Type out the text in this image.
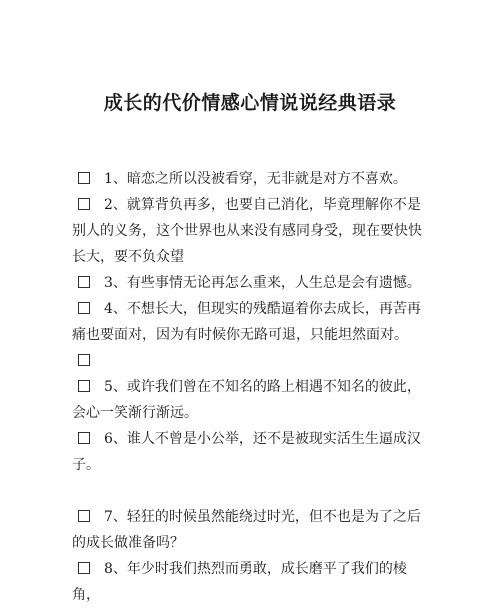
成长的代价情感心情说说经典语录

1、暗恋之所以没被看穿，无非就是对方不喜欢。

2、就算背负再多，也要自己消化，毕竟理解你不是别人的义务，这个世界也从来没有感同身受，现在要快快长大，要不负众望

3、有些事情无论再怎么重来，人生总是会有遗憾。

4、不想长大，但现实的残酷逼着你去成长，再苦再痛也要面对，因为有时候你无路可退，只能坦然面对。

5、或许我们曾在不知名的路上相遇不知名的彼此，会心一笑渐行渐远。

6、谁人不曾是小公举，还不是被现实活生生逼成汉子。

7、轻狂的时候虽然能绕过时光，但不也是为了之后的成长做准备吗？

8、年少时我们热烈而勇敢，成长磨平了我们的棱角，
